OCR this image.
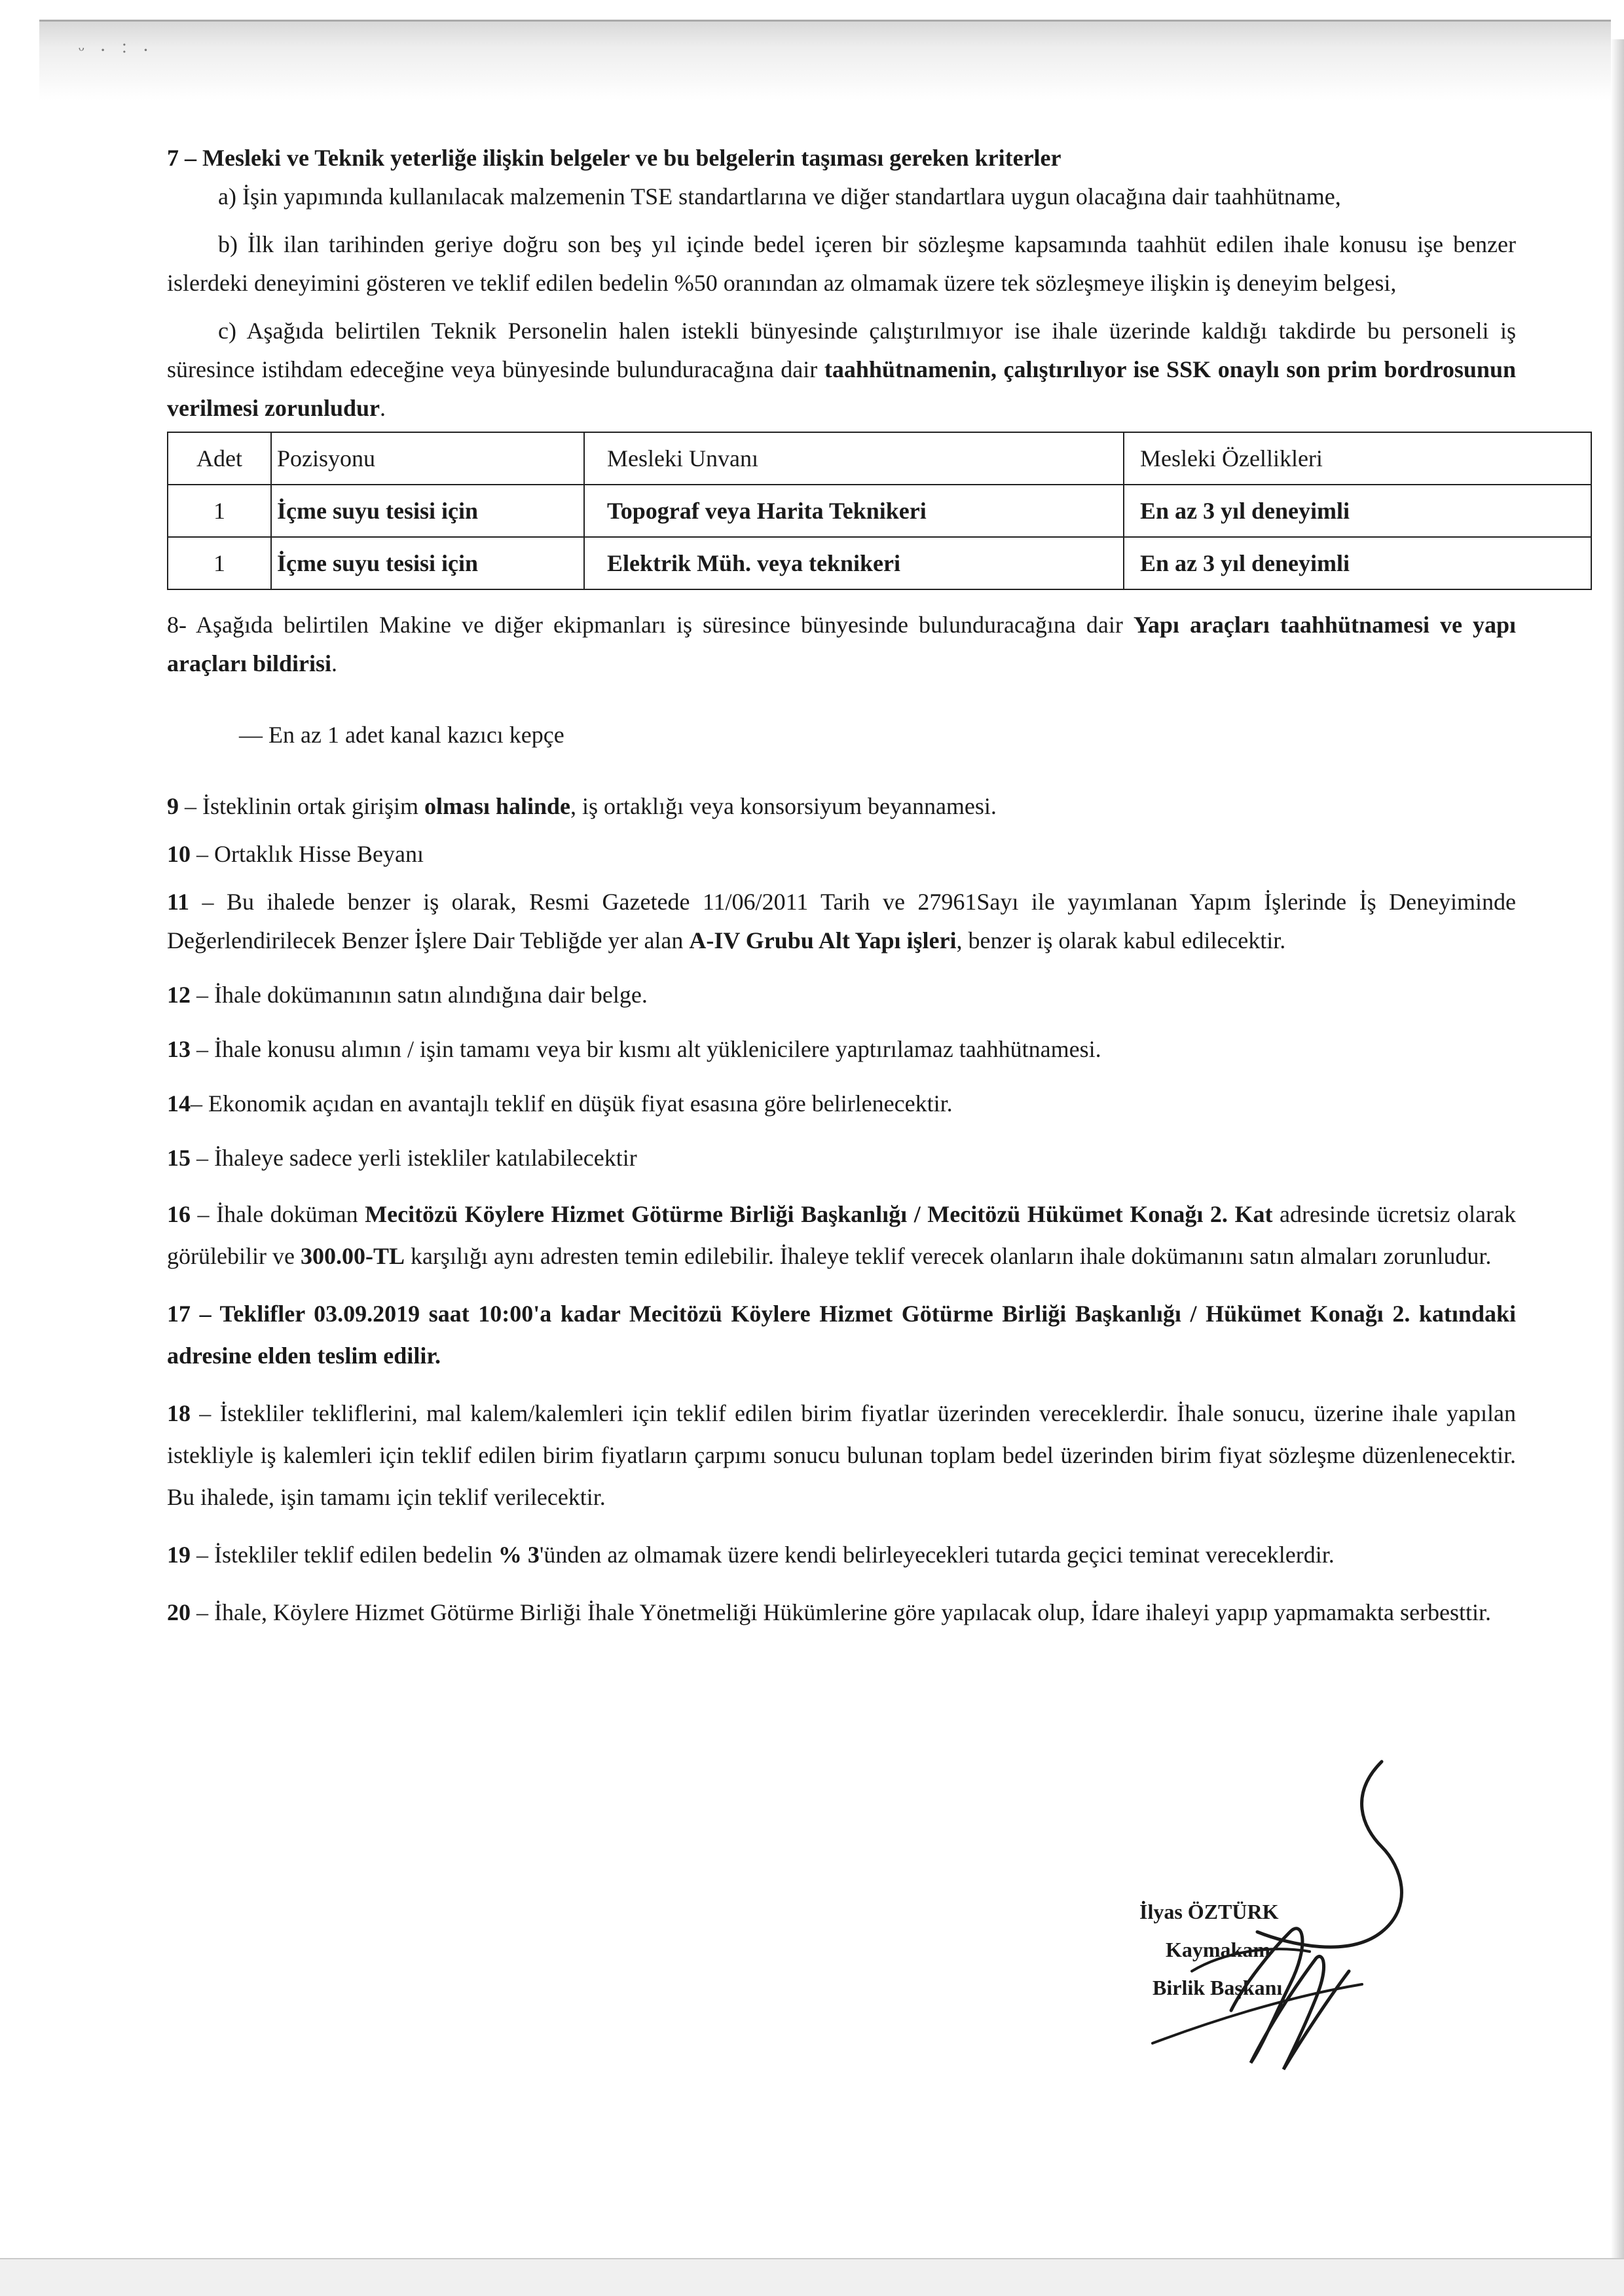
ᵕ · ˸ ·

7 – Mesleki ve Teknik yeterliğe ilişkin belgeler ve bu belgelerin taşıması gereken kriterler

a) İşin yapımında kullanılacak malzemenin TSE standartlarına ve diğer standartlara uygun olacağına dair taahhütname,

b) İlk ilan tarihinden geriye doğru son beş yıl içinde bedel içeren bir sözleşme kapsamında taahhüt edilen ihale konusu işe benzer islerdeki deneyimini gösteren ve teklif edilen bedelin %50 oranından az olmamak üzere tek sözleşmeye ilişkin iş deneyim belgesi,

c) Aşağıda belirtilen Teknik Personelin halen istekli bünyesinde çalıştırılmıyor ise ihale üzerinde kaldığı takdirde bu personeli iş süresince istihdam edeceğine veya bünyesinde bulunduracağına dair taahhütnamenin, çalıştırılıyor ise SSK onaylı son prim bordrosunun verilmesi zorunludur.

Adet	Pozisyonu	Mesleki Unvanı	Mesleki Özellikleri
1	İçme suyu tesisi için	Topograf veya Harita Teknikeri	En az 3 yıl deneyimli
1	İçme suyu tesisi için	Elektrik Müh. veya teknikeri	En az 3 yıl deneyimli

8- Aşağıda belirtilen Makine ve diğer ekipmanları iş süresince bünyesinde bulunduracağına dair Yapı araçları taahhütnamesi ve yapı araçları bildirisi.

— En az 1 adet kanal kazıcı kepçe

9 – İsteklinin ortak girişim olması halinde, iş ortaklığı veya konsorsiyum beyannamesi.

10 – Ortaklık Hisse Beyanı

11 – Bu ihalede benzer iş olarak, Resmi Gazetede 11/06/2011 Tarih ve 27961Sayı ile yayımlanan Yapım İşlerinde İş Deneyiminde Değerlendirilecek Benzer İşlere Dair Tebliğde yer alan A-IV Grubu Alt Yapı işleri, benzer iş olarak kabul edilecektir.

12 – İhale dokümanının satın alındığına dair belge.

13 – İhale konusu alımın / işin tamamı veya bir kısmı alt yüklenicilere yaptırılamaz taahhütnamesi.

14– Ekonomik açıdan en avantajlı teklif en düşük fiyat esasına göre belirlenecektir.

15 – İhaleye sadece yerli istekliler katılabilecektir

16 – İhale doküman Mecitözü Köylere Hizmet Götürme Birliği Başkanlığı / Mecitözü Hükümet Konağı 2. Kat adresinde ücretsiz olarak görülebilir ve 300.00-TL karşılığı aynı adresten temin edilebilir. İhaleye teklif verecek olanların ihale dokümanını satın almaları zorunludur.

17 – Teklifler 03.09.2019 saat 10:00'a kadar Mecitözü Köylere Hizmet Götürme Birliği Başkanlığı / Hükümet Konağı 2. katındaki adresine elden teslim edilir.

18 – İstekliler tekliflerini, mal kalem/kalemleri için teklif edilen birim fiyatlar üzerinden vereceklerdir. İhale sonucu, üzerine ihale yapılan istekliyle iş kalemleri için teklif edilen birim fiyatların çarpımı sonucu bulunan toplam bedel üzerinden birim fiyat sözleşme düzenlenecektir. Bu ihalede, işin tamamı için teklif verilecektir.

19 – İstekliler teklif edilen bedelin % 3'ünden az olmamak üzere kendi belirleyecekleri tutarda geçici teminat vereceklerdir.

20 – İhale, Köylere Hizmet Götürme Birliği İhale Yönetmeliği Hükümlerine göre yapılacak olup, İdare ihaleyi yapıp yapmamakta serbesttir.

İlyas ÖZTÜRK
Kaymakam
Birlik Başkanı
